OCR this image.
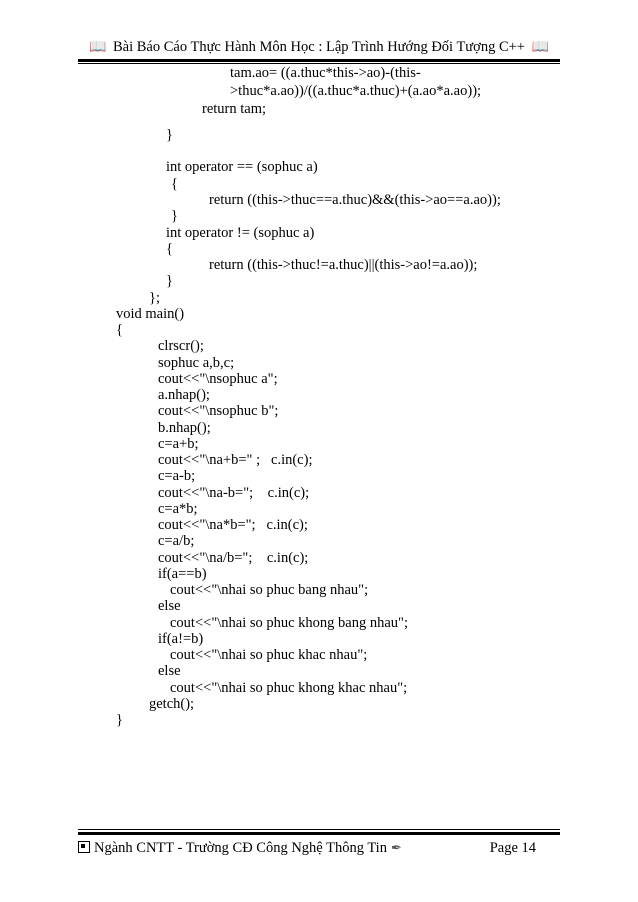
📖 Bài Báo Cáo Thực Hành Môn Học : Lập Trình Hướng Đối Tượng C++ 📖
tam.ao= ((a.thuc*this->ao)-(this-
>thuc*a.ao))/((a.thuc*a.thuc)+(a.ao*a.ao));
return tam;
}
int operator == (sophuc a)
{
return ((this->thuc==a.thuc)&&(this->ao==a.ao));
}
int operator != (sophuc a)
{
return ((this->thuc!=a.thuc)||(this->ao!=a.ao));
}
};
void main()
{
clrscr();
sophuc a,b,c;
cout<<"\nsophuc a";
a.nhap();
cout<<"\nsophuc b";
b.nhap();
c=a+b;
cout<<"\na+b=" ;   c.in(c);
c=a-b;
cout<<"\na-b=";    c.in(c);
c=a*b;
cout<<"\na*b=";   c.in(c);
c=a/b;
cout<<"\na/b=";    c.in(c);
if(a==b)
cout<<"\nhai so phuc bang nhau";
else
cout<<"\nhai so phuc khong bang nhau";
if(a!=b)
cout<<"\nhai so phuc khac nhau";
else
cout<<"\nhai so phuc khong khac nhau";
getch();
}
Ngành CNTT - Trường CĐ Công Nghệ Thông Tin ✒	Page 14
